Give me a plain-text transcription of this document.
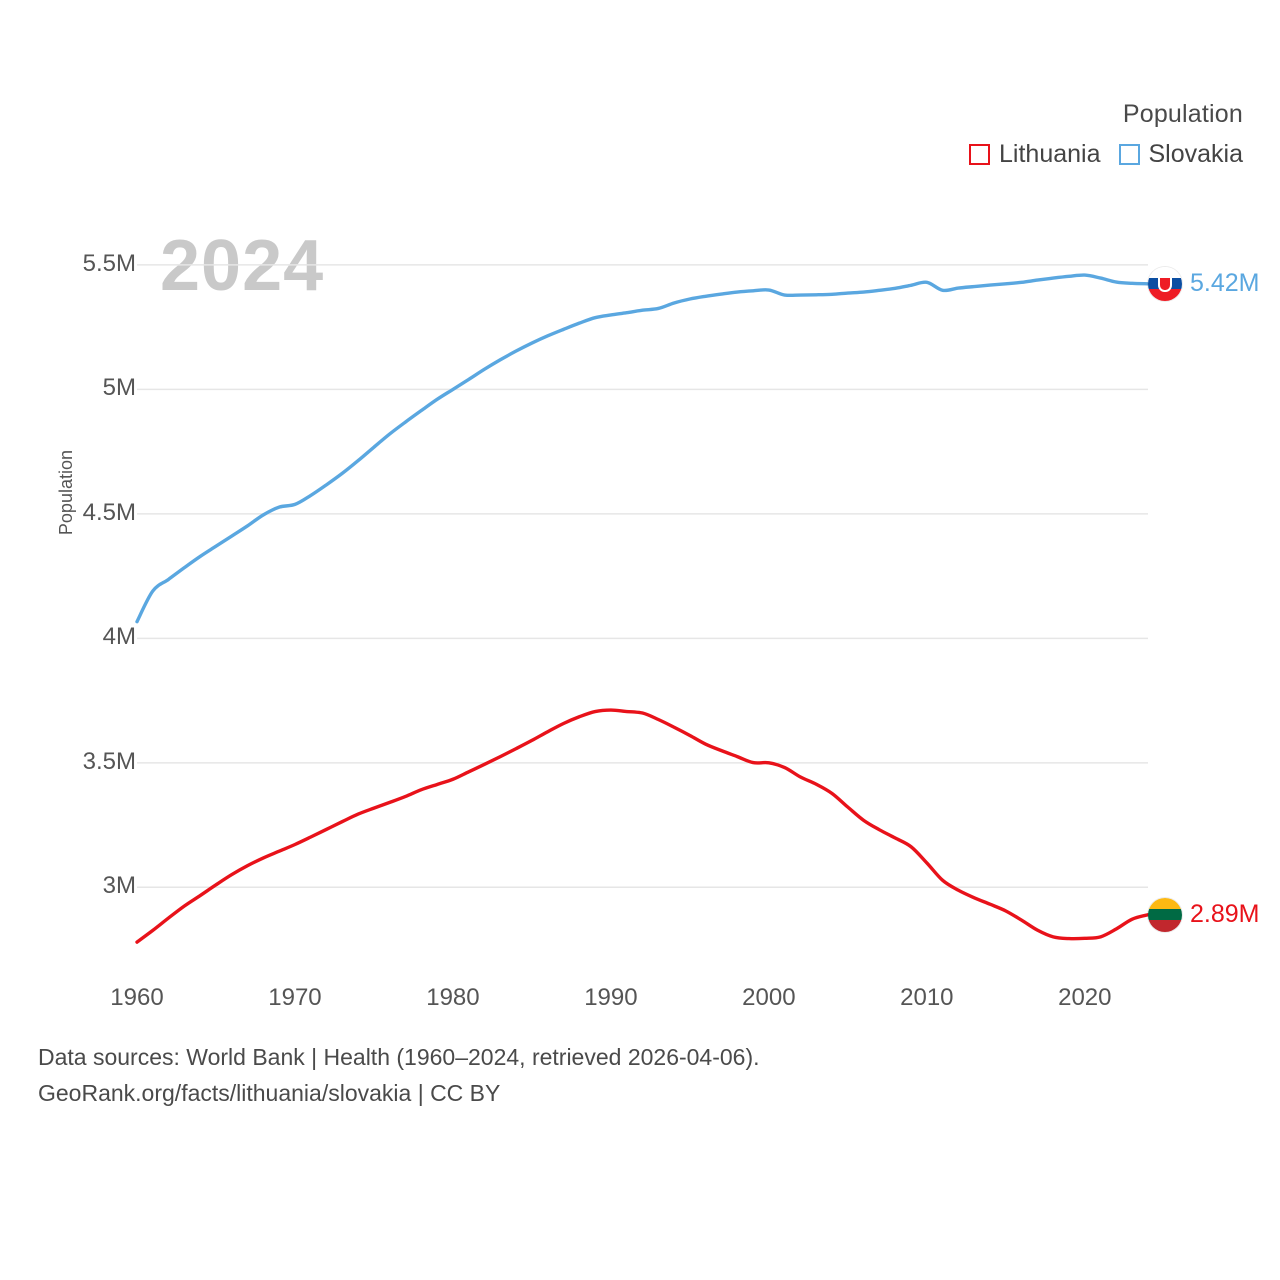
Population
Lithuania Slovakia
Population
2024	5.42M
2.89M
Data sources: World Bank | Health (1960–2024, retrieved 2026-04-06).
GeoRank.org/facts/lithuania/slovakia | CC BY
4M
4.5M
5M
5.5M
3M
3.5M
1960	1970	1980	1990	2000	2010	2020
